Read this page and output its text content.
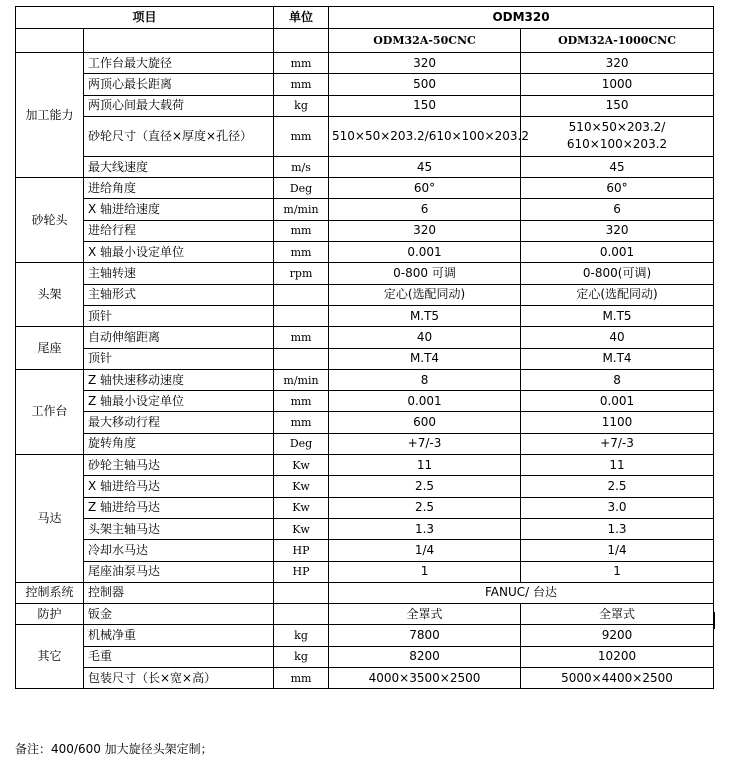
项目		单位	ODM320	
			ODM32A-50CNC	ODM32A-1000CNC
加工能力	工作台最大旋径	mm	320	320
	两顶心最长距离	mm	500	1000
	两顶心间最大载荷	kg	150	150
	砂轮尺寸（直径×厚度×孔径）	mm	510×50×203.2/610×100×203.2	510×50×203.2/ 610×100×203.2
	最大线速度	m/s	45	45
砂轮头	进给角度	Deg	60°	60°
	X 轴进给速度	m/min	6	6
	进给行程	mm	320	320
	X 轴最小设定单位	mm	0.001	0.001
头架	主轴转速	rpm	0-800 可调	0-800(可调)
	主轴形式		定心(选配同动)	定心(选配同动)
	顶针		M.T5	M.T5
尾座	自动伸缩距离	mm	40	40
	顶针		M.T4	M.T4
工作台	Z 轴快速移动速度	m/min	8	8
	Z 轴最小设定单位	mm	0.001	0.001
	最大移动行程	mm	600	1100
	旋转角度	Deg	+7/-3	+7/-3
马达	砂轮主轴马达	Kw	11	11
	X 轴进给马达	Kw	2.5	2.5
	Z 轴进给马达	Kw	2.5	3.0
	头架主轴马达	Kw	1.3	1.3
	冷却水马达	HP	1/4	1/4
	尾座油泵马达	HP	1	1
控制系统	控制器		FANUC/ 台达	
防护	钣金		全罩式	全罩式
其它	机械净重	kg	7800	9200
	毛重	kg	8200	10200
	包装尺寸（长×宽×高）	mm	4000×3500×2500	5000×4400×2500
备注：400/600 加大旋径头架定制；
